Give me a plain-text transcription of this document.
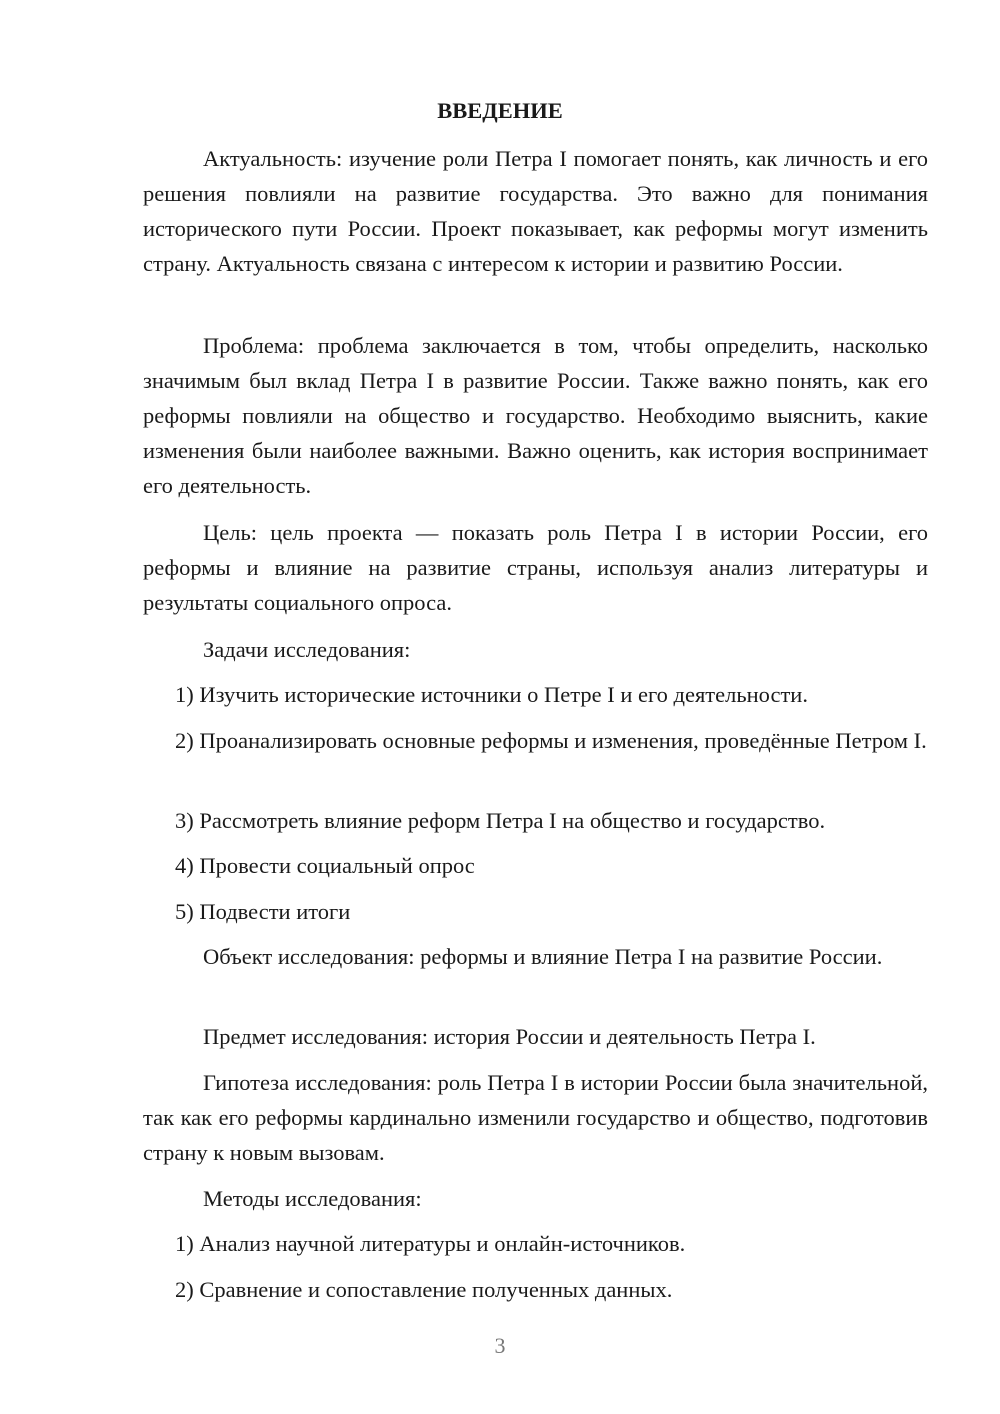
ВВЕДЕНИЕ

Актуальность: изучение роли Петра I помогает понять, как личность и его решения повлияли на развитие государства. Это важно для понимания исторического пути России. Проект показывает, как реформы могут изменить страну. Актуальность связана с интересом к истории и развитию России.

Проблема: проблема заключается в том, чтобы определить, насколько значимым был вклад Петра I в развитие России. Также важно понять, как его реформы повлияли на общество и государство. Необходимо выяснить, какие изменения были наиболее важными. Важно оценить, как история воспринимает его деятельность.

Цель: цель проекта — показать роль Петра I в истории России, его реформы и влияние на развитие страны, используя анализ литературы и результаты социального опроса.

Задачи исследования:

1) Изучить исторические источники о Петре I и его деятельности.

2) Проанализировать основные реформы и изменения, проведённые Петром I.

3) Рассмотреть влияние реформ Петра I на общество и государство.

4) Провести социальный опрос

5) Подвести итоги

Объект исследования: реформы и влияние Петра I на развитие России.

Предмет исследования: история России и деятельность Петра I.

Гипотеза исследования: роль Петра I в истории России была значительной, так как его реформы кардинально изменили государство и общество, подготовив страну к новым вызовам.

Методы исследования:

1) Анализ научной литературы и онлайн-источников.

2) Сравнение и сопоставление полученных данных.

3
